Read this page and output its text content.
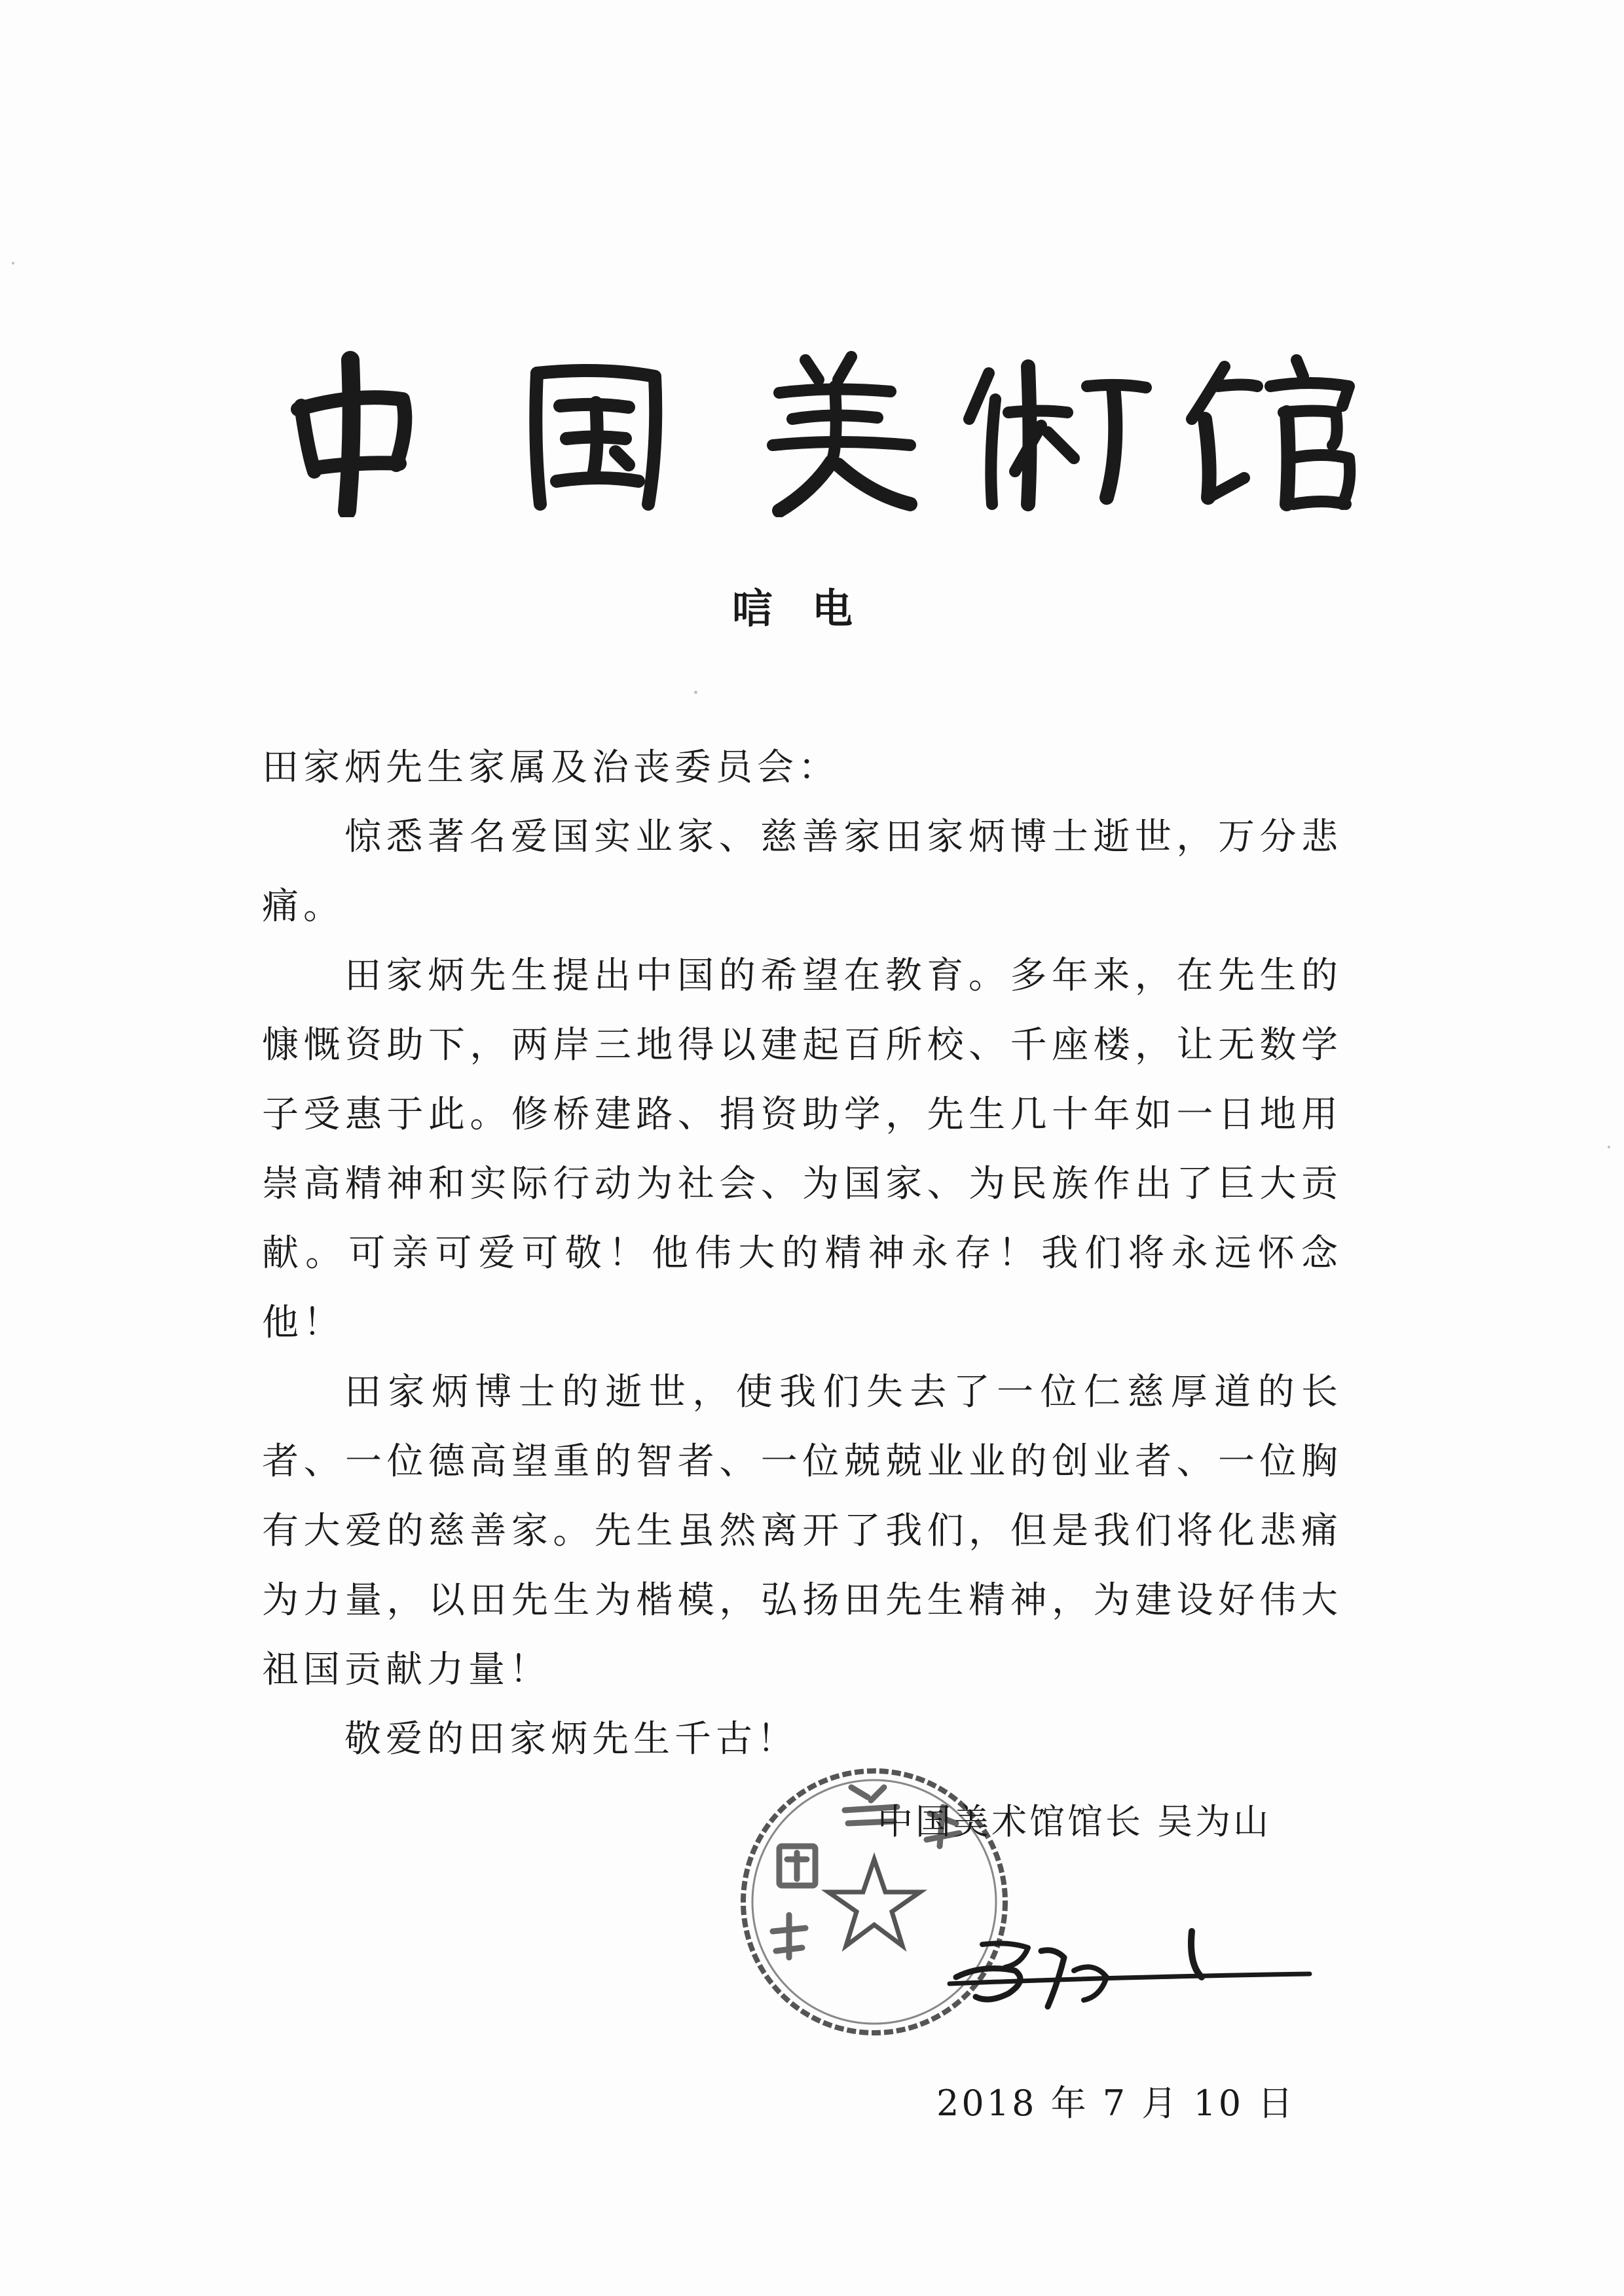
唁电

田家炳先生家属及治丧委员会：

惊悉著名爱国实业家、慈善家田家炳博士逝世，万分悲痛。

田家炳先生提出中国的希望在教育。多年来，在先生的慷慨资助下，两岸三地得以建起百所校、千座楼，让无数学子受惠于此。修桥建路、捐资助学，先生几十年如一日地用崇高精神和实际行动为社会、为国家、为民族作出了巨大贡献。可亲可爱可敬！他伟大的精神永存！我们将永远怀念他！

田家炳博士的逝世，使我们失去了一位仁慈厚道的长者、一位德高望重的智者、一位兢兢业业的创业者、一位胸有大爱的慈善家。先生虽然离开了我们，但是我们将化悲痛为力量，以田先生为楷模，弘扬田先生精神，为建设好伟大祖国贡献力量！

敬爱的田家炳先生千古！

中国美术馆馆长 吴为山
2018 年 7 月 10 日
